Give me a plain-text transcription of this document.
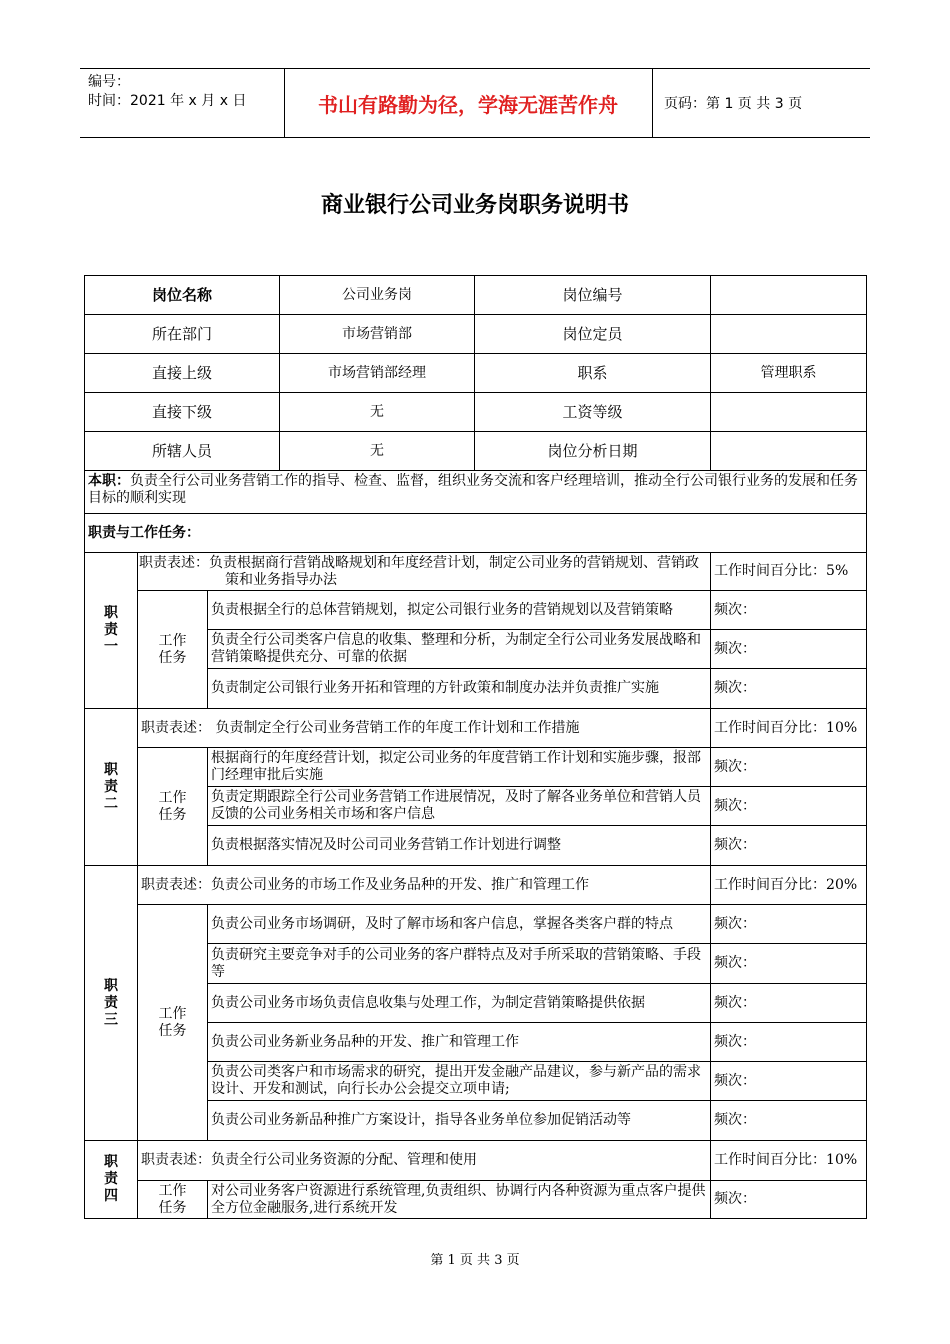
编号：
时间：2021 年 x 月 x 日	书山有路勤为径，学海无涯苦作舟	页码：第 1 页 共 3 页
商业银行公司业务岗职务说明书
岗位名称			公司业务岗	岗位编号	
所在部门			市场营销部	岗位定员	
直接上级			市场营销部经理	职系	管理职系
直接下级			无	工资等级	
所辖人员			无	岗位分析日期	
本职：负责全行公司业务营销工作的指导、检查、监督，组织业务交流和客户经理培训，推动全行公司银行业务的发展和任务目标的顺利实现					
职责与工作任务：					
职责一	职责表述：负责根据商行营销战略规划和年度经营计划，制定公司业务的营销规划、营销政策和业务指导办法				工作时间百分比：5%
	工作任务	负责根据全行的总体营销规划，拟定公司银行业务的营销规划以及营销策略			频次：
		负责全行公司类客户信息的收集、整理和分析，为制定全行公司业务发展战略和营销策略提供充分、可靠的依据			频次：
		负责制定公司银行业务开拓和管理的方针政策和制度办法并负责推广实施			频次：
职责二	职责表述： 负责制定全行公司业务营销工作的年度工作计划和工作措施				工作时间百分比：10%
	工作任务	根据商行的年度经营计划，拟定公司业务的年度营销工作计划和实施步骤，报部门经理审批后实施			频次：
		负责定期跟踪全行公司业务营销工作进展情况，及时了解各业务单位和营销人员反馈的公司业务相关市场和客户信息			频次：
		负责根据落实情况及时公司司业务营销工作计划进行调整			频次：
职责三	职责表述：负责公司业务的市场工作及业务品种的开发、推广和管理工作				工作时间百分比：20%
	工作任务	负责公司业务市场调研，及时了解市场和客户信息，掌握各类客户群的特点			频次：
		负责研究主要竞争对手的公司业务的客户群特点及对手所采取的营销策略、手段等			频次：
		负责公司业务市场负责信息收集与处理工作，为制定营销策略提供依据			频次：
		负责公司业务新业务品种的开发、推广和管理工作			频次：
		负责公司类客户和市场需求的研究，提出开发金融产品建议，参与新产品的需求设计、开发和测试，向行长办公会提交立项申请;			频次：
		负责公司业务新品种推广方案设计，指导各业务单位参加促销活动等			频次：
职责四	职责表述：负责全行公司业务资源的分配、管理和使用				工作时间百分比：10%
	工作任务	对公司业务客户资源进行系统管理,负责组织、协调行内各种资源为重点客户提供全方位金融服务,进行系统开发			频次：
第 1 页 共 3 页
